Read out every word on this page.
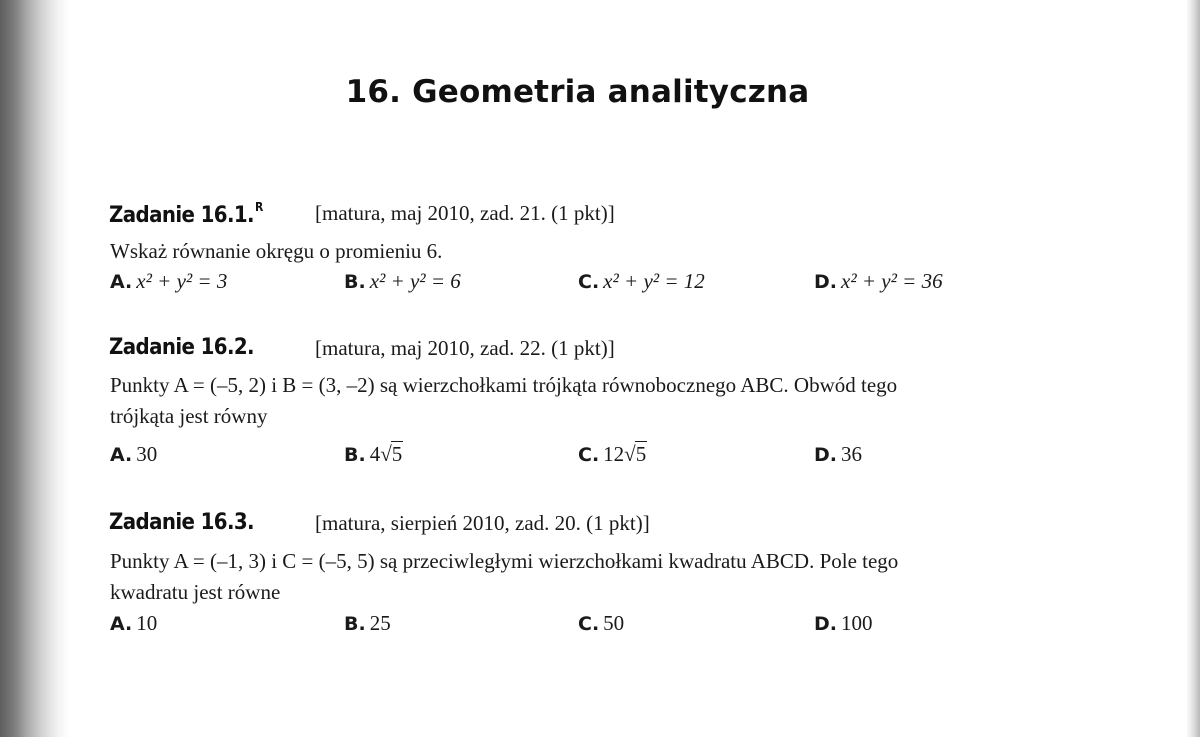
16. Geometria analityczna
Zadanie 16.1.$^R$ [matura, maj 2010, zad. 21. (1 pkt)]

Wskaż równanie okręgu o promieniu 6.

A. x² + y² = 3	B. x² + y² = 6	C. x² + y² = 12	D. x² + y² = 36
Zadanie 16.2.	[matura, maj 2010, zad. 22. (1 pkt)]

Punkty A = (–5, 2) i B = (3, –2) są wierzchołkami trójkąta równobocznego ABC. Obwód tego

trójkąta jest równy

A. 30	B. 4√5	C. 12√5	D. 36
Zadanie 16.3.	[matura, sierpień 2010, zad. 20. (1 pkt)]

Punkty A = (–1, 3) i C = (–5, 5) są przeciwległymi wierzchołkami kwadratu ABCD. Pole tego

kwadratu jest równe

A. 10	B. 25	C. 50	D. 100
